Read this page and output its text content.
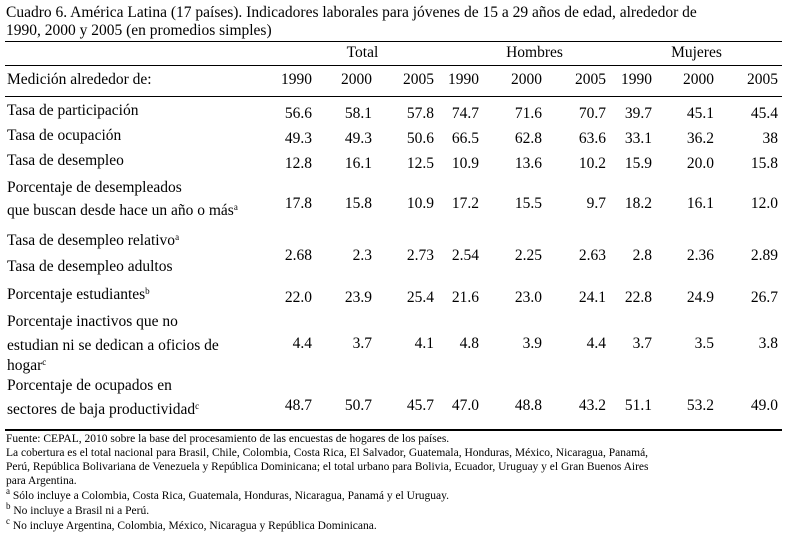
Cuadro 6. América Latina (17 países). Indicadores laborales para jóvenes de 15 a 29 años de edad, alrededor de
1990, 2000 y 2005 (en promedios simples)
Total	Hombres	Mujeres
Medición alrededor de:	1990	2000	2005 1990	2000	2005 1990	2000	2005
Tasa de participación	56.6	58.1	57.8	74.7	71.6	70.7	39.7	45.1	45.4
Tasa de ocupación	49.3	49.3	50.6	66.5	62.8	63.6	33.1	36.2	38
Tasa de desempleo	12.8	16.1	12.5	10.9	13.6	10.2	15.9	20.0	15.8
Porcentaje de desempleados
que buscan desde hace un año o más$^a$	17.8	15.8	10.9	17.2	15.5	9.7	18.2	16.1	12.0
Tasa de desempleo relativo$^a$
Tasa de desempleo adultos
2.68	2.3	2.73	2.54	2.25	2.63	2.8	2.36	2.89
Porcentaje estudiantes$^b$	22.0	23.9	25.4	21.6	23.0	24.1	22.8	24.9	26.7
Porcentaje inactivos que no
estudian ni se dedican a oficios de
hogar$^c$
4.4	3.7	4.1	4.8	3.9	4.4	3.7	3.5	3.8
Porcentaje de ocupados en
sectores de baja productividad$^c$	48.7	50.7	45.7	47.0	48.8	43.2	51.1	53.2	49.0
Fuente: CEPAL, 2010 sobre la base del procesamiento de las encuestas de hogares de los países.
La cobertura es el total nacional para Brasil, Chile, Colombia, Costa Rica, El Salvador, Guatemala, Honduras, México, Nicaragua, Panamá,
Perú, República Bolivariana de Venezuela y República Dominicana; el total urbano para Bolivia, Ecuador, Uruguay y el Gran Buenos Aires
para Argentina.
$^a$ Sólo incluye a Colombia, Costa Rica, Guatemala, Honduras, Nicaragua, Panamá y el Uruguay.
$^b$ No incluye a Brasil ni a Perú.
$^c$ No incluye Argentina, Colombia, México, Nicaragua y República Dominicana.
